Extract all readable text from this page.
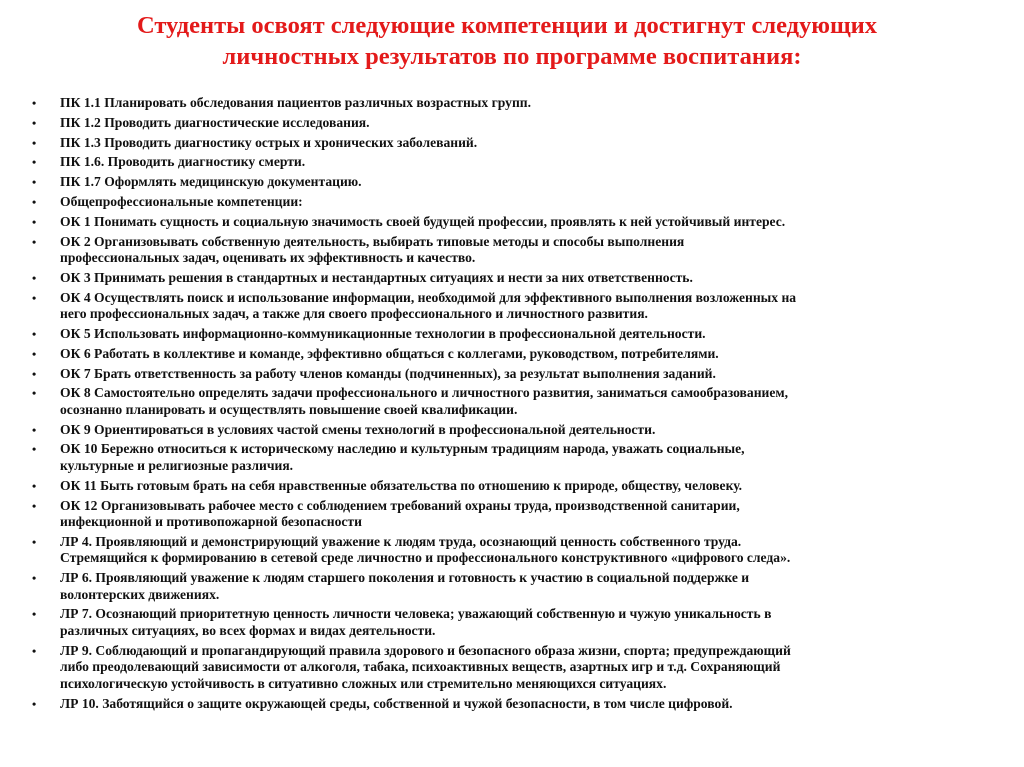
Студенты освоят следующие компетенции и достигнут следующих
личностных результатов по программе воспитания:
•	ПК 1.1 Планировать обследования пациентов различных возрастных групп.
•	ПК 1.2 Проводить диагностические исследования.
•	ПК 1.3 Проводить диагностику острых и хронических заболеваний.
•	ПК 1.6. Проводить диагностику смерти.
•	ПК 1.7 Оформлять медицинскую документацию.
•	Общепрофессиональные компетенции:
•	ОК 1 Понимать сущность и социальную значимость своей будущей профессии, проявлять к ней устойчивый интерес.
•	ОК 2 Организовывать собственную деятельность, выбирать типовые методы и способы выполнения
профессиональных задач, оценивать их эффективность и качество.
•	ОК 3 Принимать решения в стандартных и нестандартных ситуациях и нести за них ответственность.
•	ОК 4 Осуществлять поиск и использование информации, необходимой для эффективного выполнения возложенных на
него профессиональных задач, а также для своего профессионального и личностного развития.
•	ОК 5 Использовать информационно-коммуникационные технологии в профессиональной деятельности.
•	ОК 6 Работать в коллективе и команде, эффективно общаться с коллегами, руководством, потребителями.
•	ОК 7 Брать ответственность за работу членов команды (подчиненных), за результат выполнения заданий.
•	ОК 8 Самостоятельно определять задачи профессионального и личностного развития, заниматься самообразованием,
осознанно планировать и осуществлять повышение своей квалификации.
•	ОК 9 Ориентироваться в условиях частой смены технологий в профессиональной деятельности.
•	ОК 10 Бережно относиться к историческому наследию и культурным традициям народа, уважать социальные,
культурные и религиозные различия.
•	ОК 11 Быть готовым брать на себя нравственные обязательства по отношению к природе, обществу, человеку.
•	ОК 12 Организовывать рабочее место с соблюдением требований охраны труда, производственной санитарии,
инфекционной и противопожарной безопасности
•	ЛР 4. Проявляющий и демонстрирующий уважение к людям труда, осознающий ценность собственного труда.
Стремящийся к формированию в сетевой среде личностно и профессионального конструктивного «цифрового следа».
•	ЛР 6. Проявляющий уважение к людям старшего поколения и готовность к участию в социальной поддержке и
волонтерских движениях.
•	ЛР 7. Осознающий приоритетную ценность личности человека; уважающий собственную и чужую уникальность в
различных ситуациях, во всех формах и видах деятельности.
•	ЛР 9. Соблюдающий и пропагандирующий правила здорового и безопасного образа жизни, спорта; предупреждающий
либо преодолевающий зависимости от алкоголя, табака, психоактивных веществ, азартных игр и т.д. Сохраняющий
психологическую устойчивость в ситуативно сложных или стремительно меняющихся ситуациях.
•	ЛР 10. Заботящийся о защите окружающей среды, собственной и чужой безопасности, в том числе цифровой.
